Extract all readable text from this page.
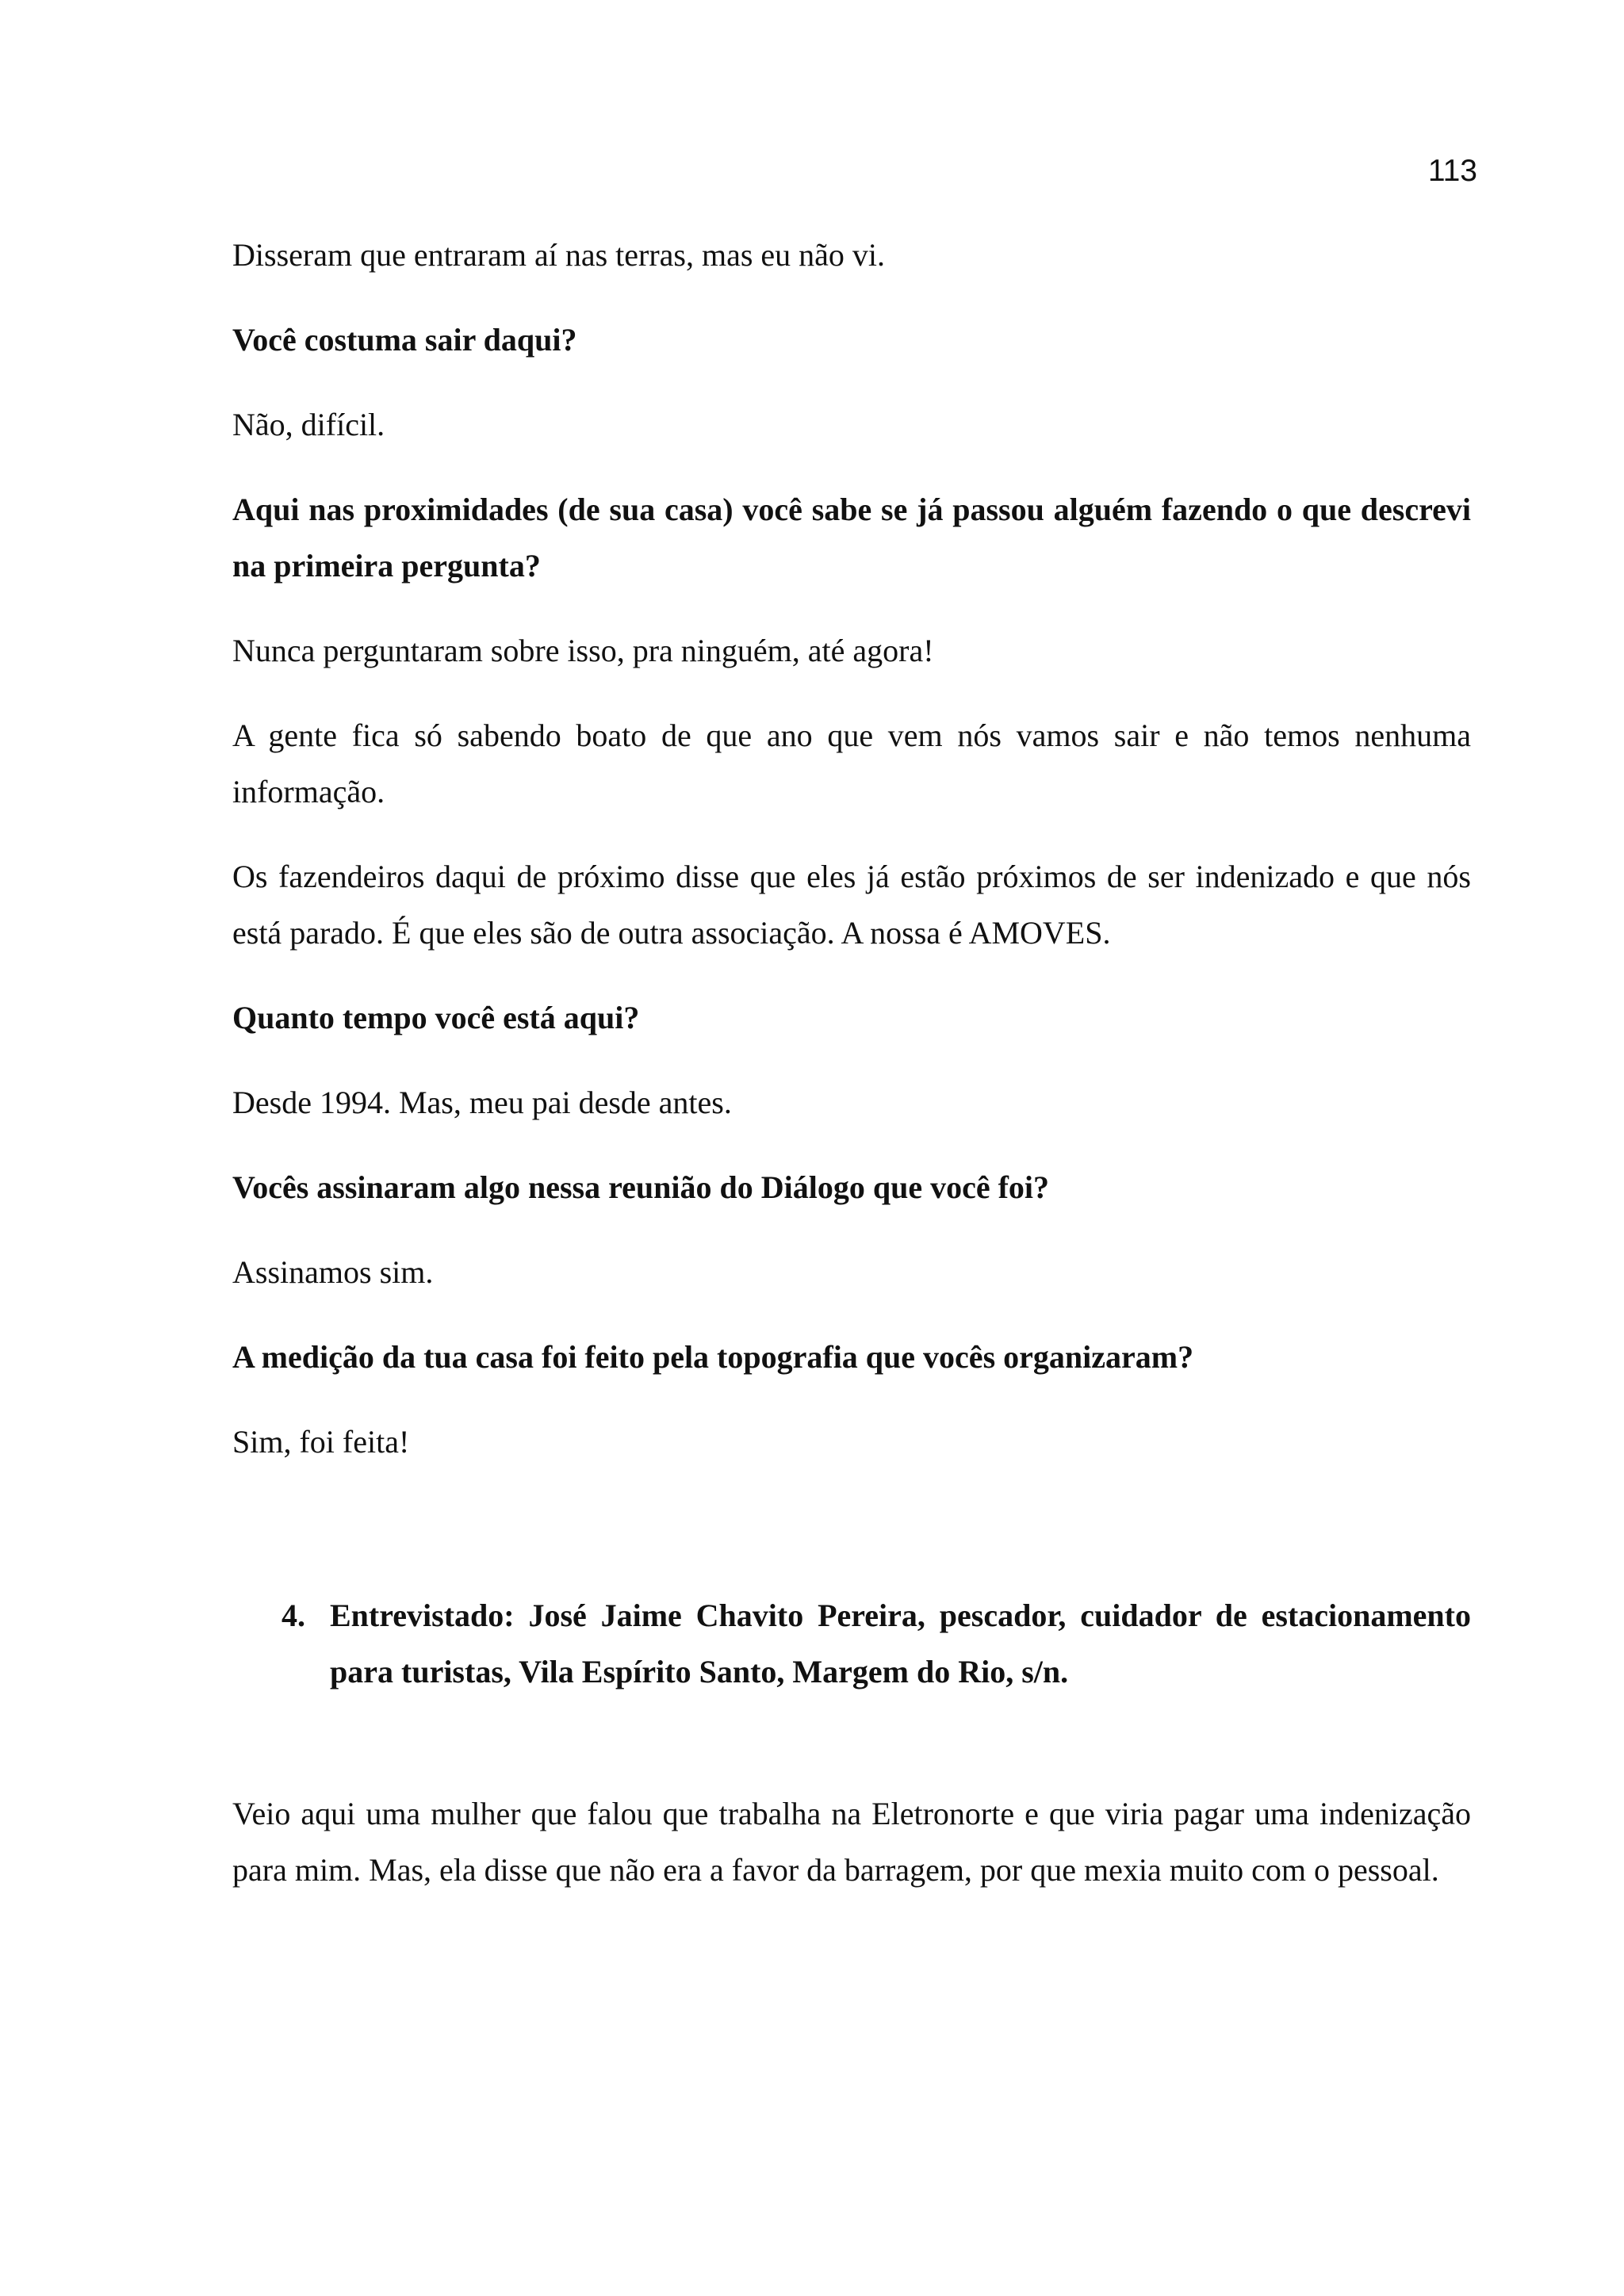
113

Disseram que entraram aí nas terras, mas eu não vi.

Você costuma sair daqui?

Não, difícil.

Aqui nas proximidades (de sua casa) você sabe se já passou alguém fazendo o que descrevi na primeira pergunta?

Nunca perguntaram sobre isso, pra ninguém, até agora!

A gente fica só sabendo boato de que ano que vem nós vamos sair e não temos nenhuma informação.

Os fazendeiros daqui de próximo disse que eles já estão próximos de ser indenizado e que nós está parado. É que eles são de outra associação. A nossa é AMOVES.

Quanto tempo você está aqui?

Desde 1994. Mas, meu pai desde antes.

Vocês assinaram algo nessa reunião do Diálogo que você foi?

Assinamos sim.

A medição da tua casa foi feito pela topografia que vocês organizaram?

Sim, foi feita!

4. Entrevistado: José Jaime Chavito Pereira, pescador, cuidador de estacionamento para turistas, Vila Espírito Santo, Margem do Rio, s/n.

Veio aqui uma mulher que falou que trabalha na Eletronorte e que viria pagar uma indenização para mim. Mas, ela disse que não era a favor da barragem, por que mexia muito com o pessoal.
